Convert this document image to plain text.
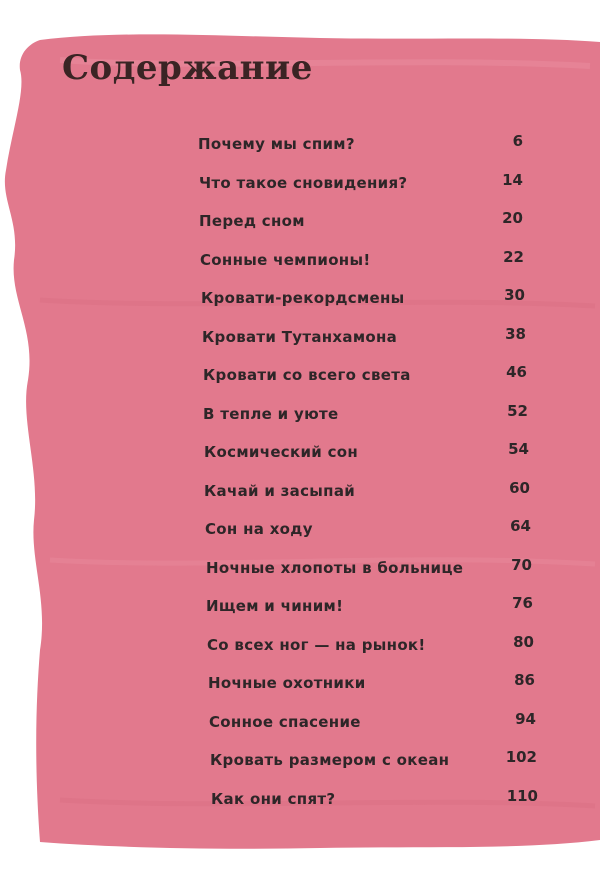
Содержание
Почему мы спим?	6
Что такое сновидения?	14
Перед сном	20
Сонные чемпионы!	22
Кровати-рекордсмены	30
Кровати Тутанхамона	38
Кровати со всего света	46
В тепле и уюте	52
Космический сон	54
Качай и засыпай	60
Сон на ходу	64
Ночные хлопоты в больнице	70
Ищем и чиним!	76
Со всех ног — на рынок!	80
Ночные охотники	86
Сонное спасение	94
Кровать размером с океан	102
Как они спят?	110
